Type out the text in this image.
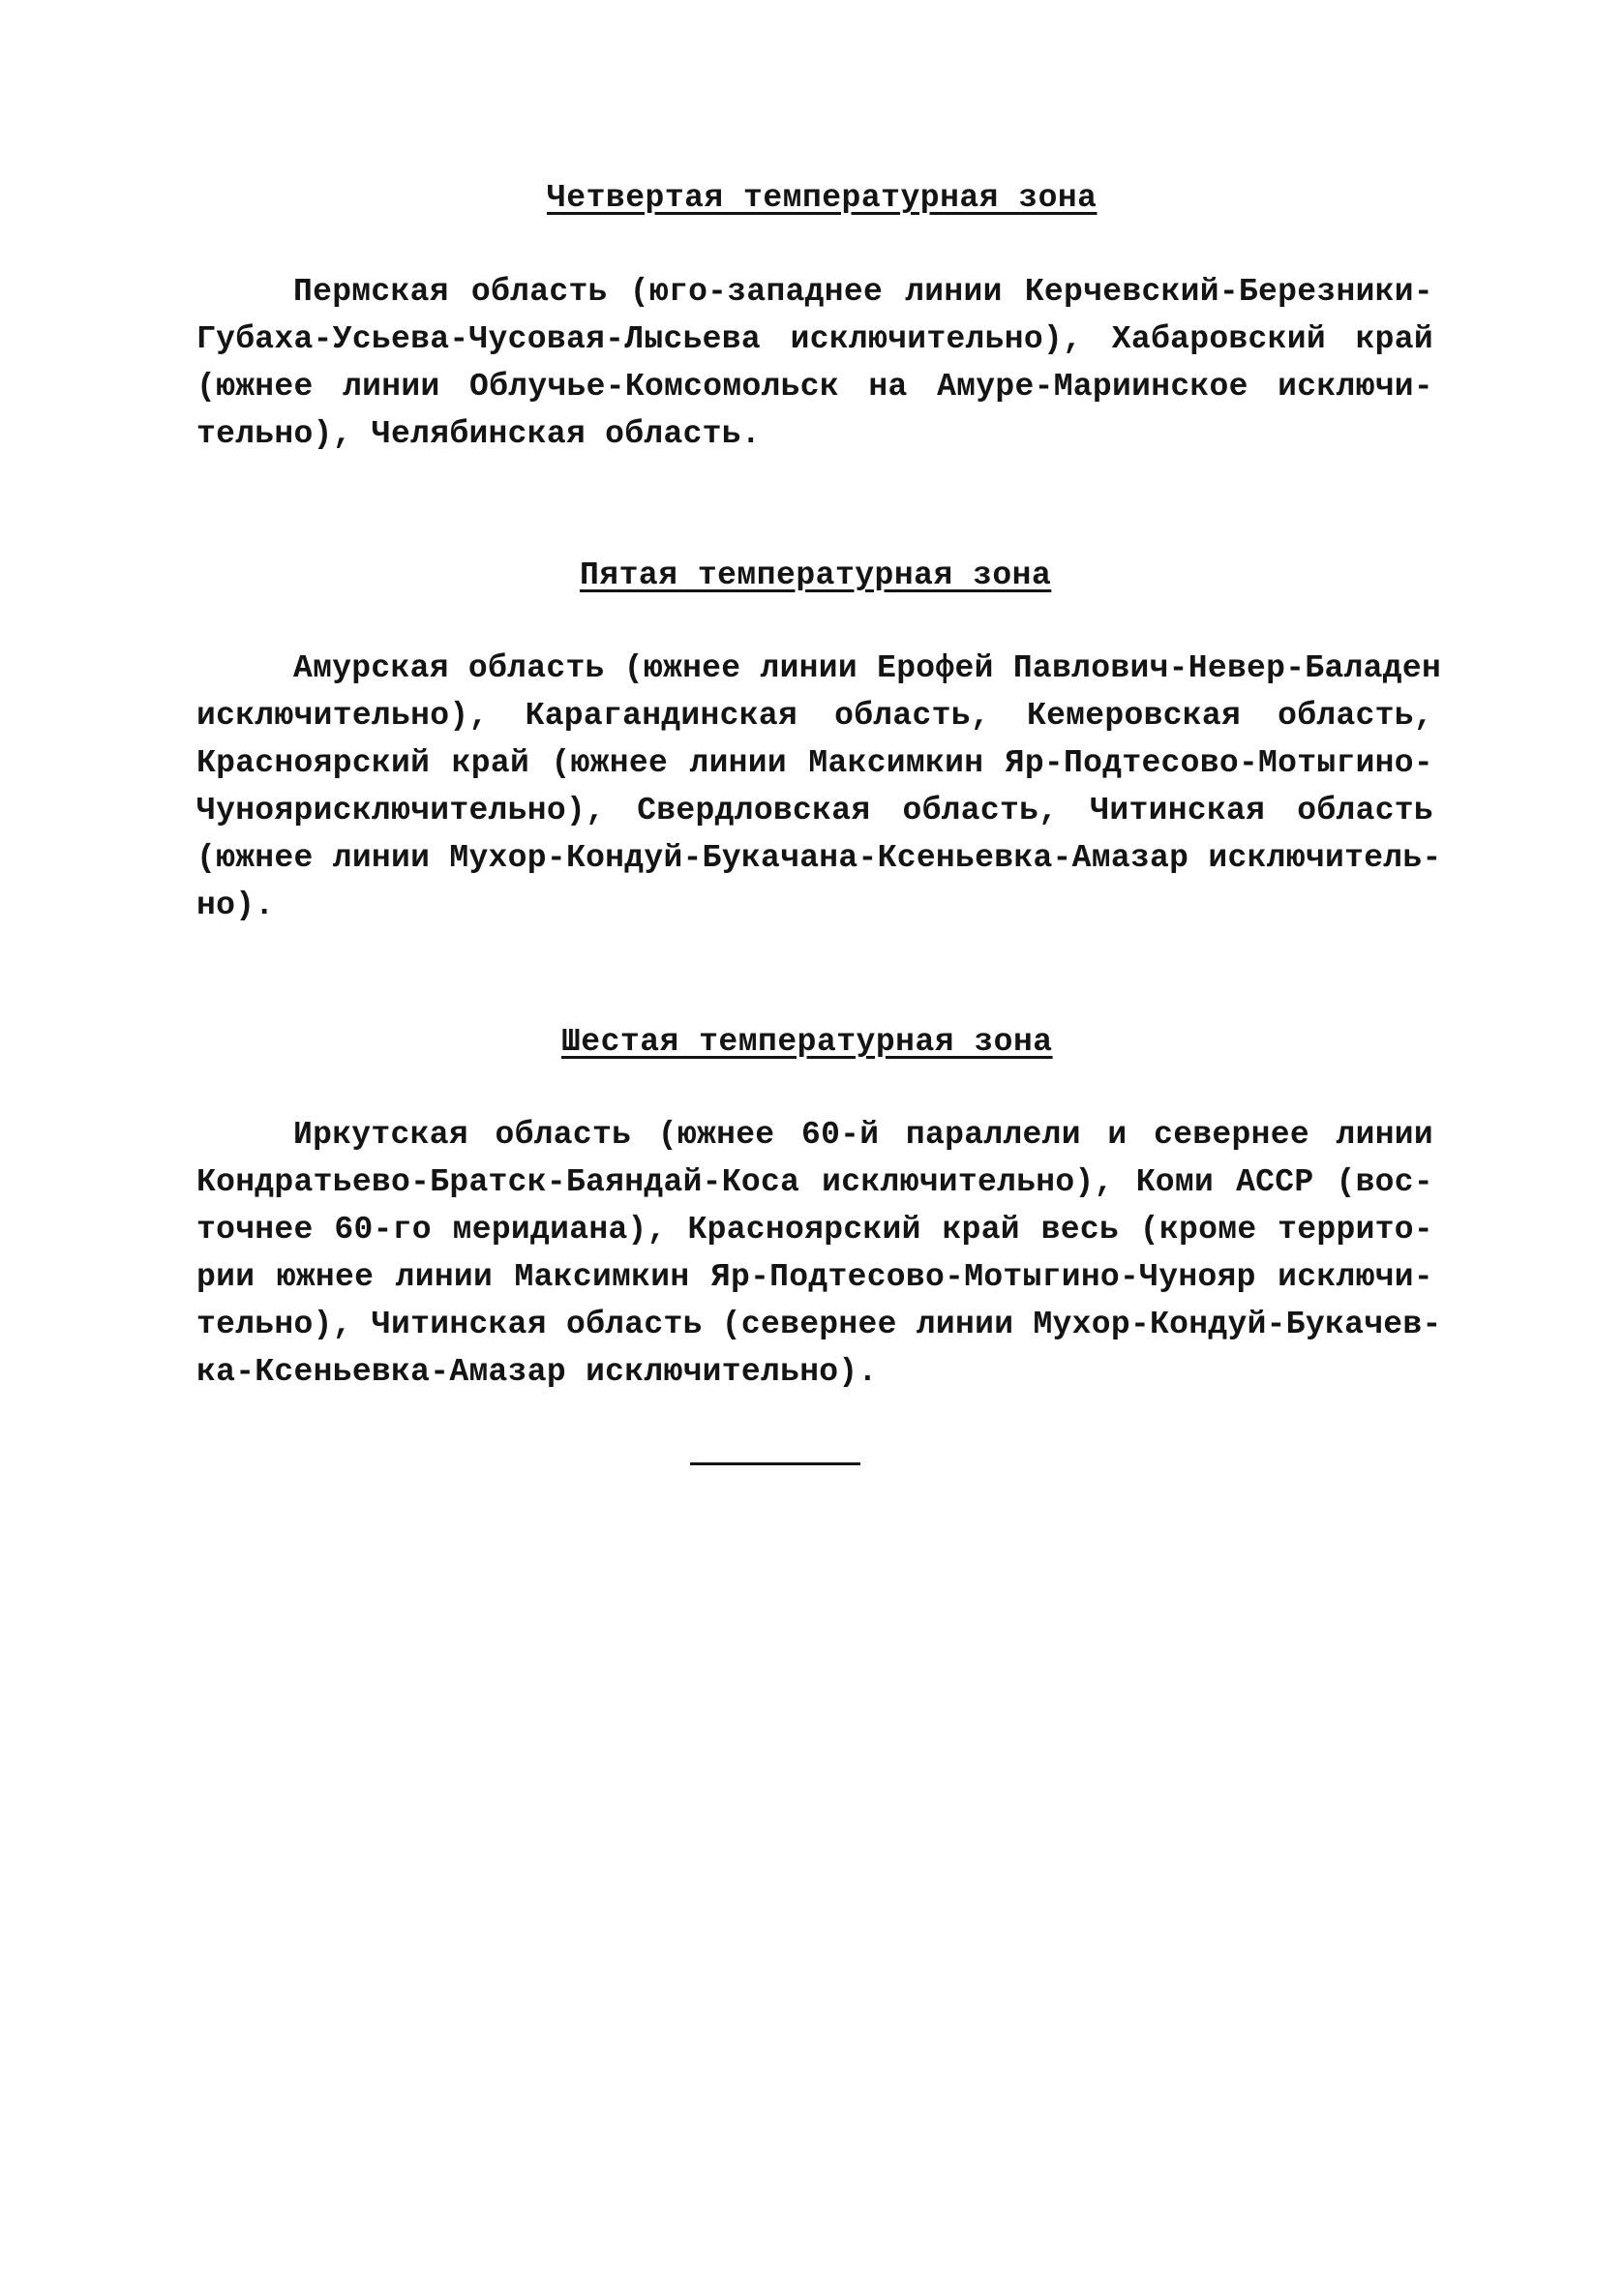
Четвертая температурная зона
Пермская область (юго-западнее линии Керчевский-Березники-
Губаха-Усьева-Чусовая-Лысьева исключительно), Хабаровский край
(южнее линии Облучье-Комсомольск на Амуре-Мариинское исключи-
тельно), Челябинская область.
Пятая температурная зона
Амурская область (южнее линии Ерофей Павлович-Невер-Баладен
исключительно), Карагандинская область, Кемеровская область,
Красноярский край (южнее линии Максимкин Яр-Подтесово-Мотыгино-
Чуноярисключительно), Свердловская область, Читинская область
(южнее линии Мухор-Кондуй-Букачана-Ксеньевка-Амазар исключитель-
но).
Шестая температурная зона
Иркутская область (южнее 60-й параллели и севернее линии
Кондратьево-Братск-Баяндай-Коса исключительно), Коми АССР (вос-
точнее 60-го меридиана), Красноярский край весь (кроме террито-
рии южнее линии Максимкин Яр-Подтесово-Мотыгино-Чунояр исключи-
тельно), Читинская область (севернее линии Мухор-Кондуй-Букачев-
ка-Ксеньевка-Амазар исключительно).
